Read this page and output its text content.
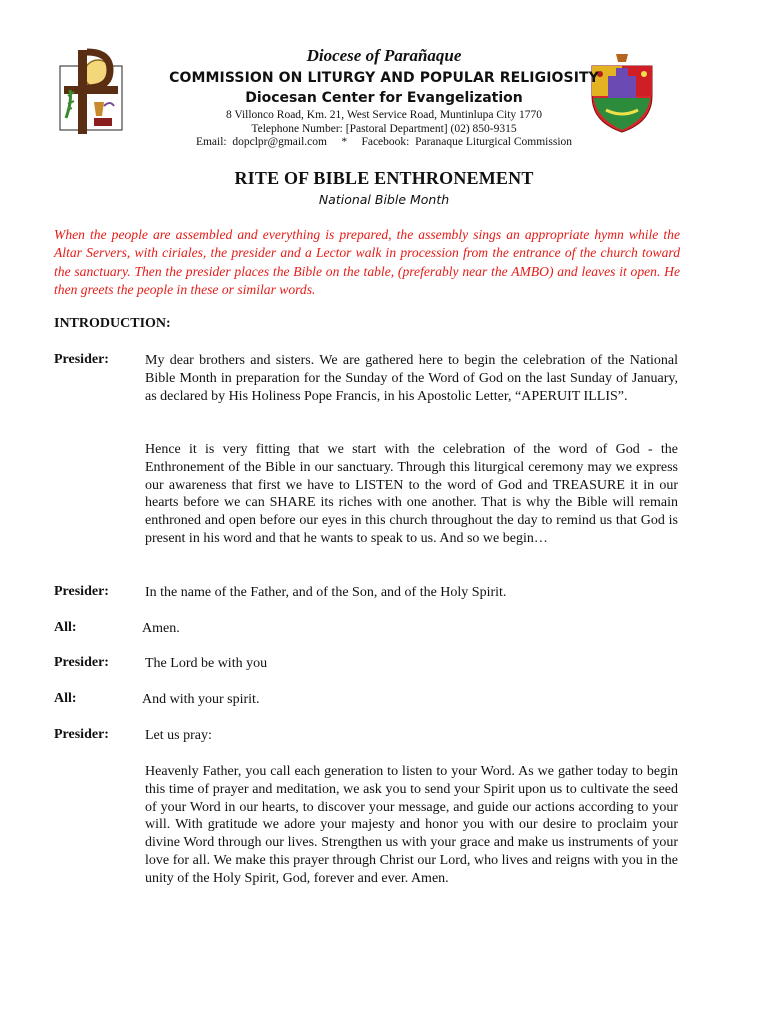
Diocese of Parañaque
COMMISSION ON LITURGY AND POPULAR RELIGIOSITY
Diocesan Center for Evangelization
8 Villonco Road, Km. 21, West Service Road, Muntinlupa City 1770
Telephone Number: [Pastoral Department] (02) 850-9315
Email:  dopclpr@gmail.com     *     Facebook:  Paranaque Liturgical Commission
RITE OF BIBLE ENTHRONEMENT
National Bible Month
When the people are assembled and everything is prepared, the assembly sings an appropriate hymn while the Altar Servers, with ciriales, the presider and a Lector walk in procession from the entrance of the church toward the sanctuary. Then the presider places the Bible on the table, (preferably near the AMBO) and leaves it open. He then greets the people in these or similar words.
INTRODUCTION:
Presider:	My dear brothers and sisters. We are gathered here to begin the celebration of the National Bible Month in preparation for the Sunday of the Word of God on the last Sunday of January, as declared by His Holiness Pope Francis, in his Apostolic Letter, “APERUIT ILLIS”.
Hence it is very fitting that we start with the celebration of the word of God - the Enthronement of the Bible in our sanctuary. Through this liturgical ceremony may we express our awareness that first we have to LISTEN to the word of God and TREASURE it in our hearts before we can SHARE its riches with one another. That is why the Bible will remain enthroned and open before our eyes in this church throughout the day to remind us that God is present in his word and that he wants to speak to us. And so we begin…
Presider:	In the name of the Father, and of the Son, and of the Holy Spirit.
All:	Amen.
Presider:	The Lord be with you
All:	And with your spirit.
Presider:	Let us pray:
Heavenly Father, you call each generation to listen to your Word. As we gather today to begin this time of prayer and meditation, we ask you to send your Spirit upon us to cultivate the seed of your Word in our hearts, to discover your message, and guide our actions according to your will. With gratitude we adore your majesty and honor you with our desire to proclaim your divine Word through our lives. Strengthen us with your grace and make us instruments of your love for all. We make this prayer through Christ our Lord, who lives and reigns with you in the unity of the Holy Spirit, God, forever and ever. Amen.
